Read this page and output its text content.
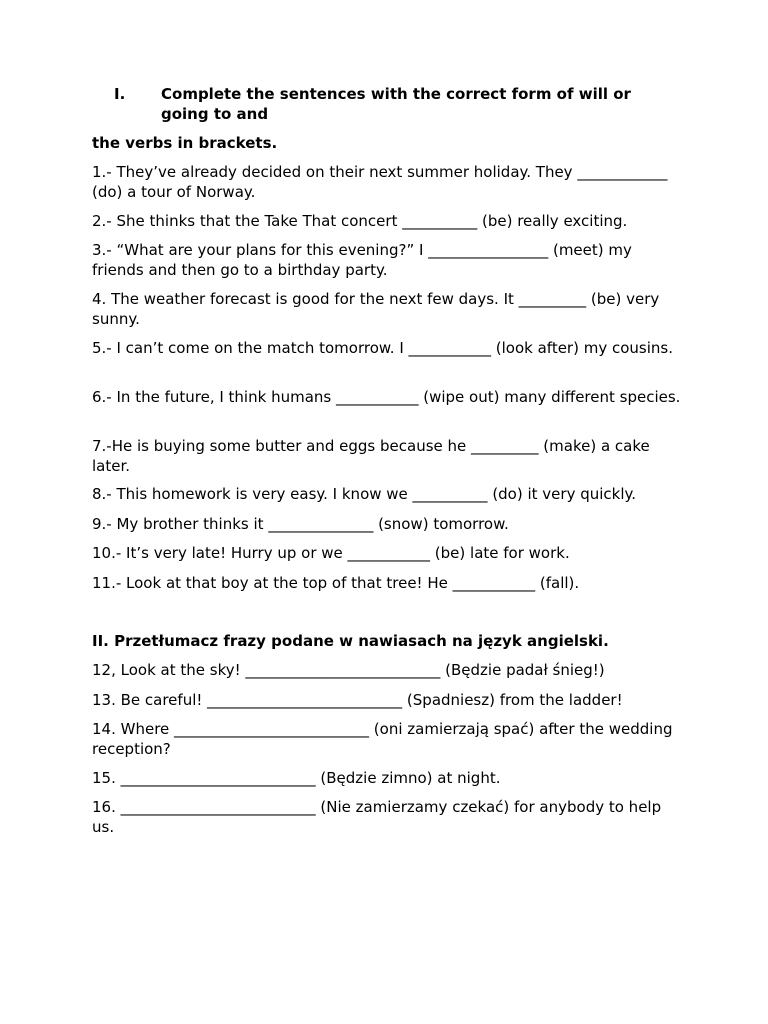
I. Complete the sentences with the correct form of will or going to and
the verbs in brackets.
1.- They’ve already decided on their next summer holiday. They ____________ (do) a tour of Norway.
2.- She thinks that the Take That concert __________ (be) really exciting.
3.- “What are your plans for this evening?” I ________________ (meet) my friends and then go to a birthday party.
4. The weather forecast is good for the next few days. It _________ (be) very sunny.
5.- I can’t come on the match tomorrow. I ___________ (look after) my cousins.
6.- In the future, I think humans ___________ (wipe out) many different species.
7.-He is buying some butter and eggs because he _________ (make) a cake later.
8.- This homework is very easy. I know we __________ (do) it very quickly.
9.- My brother thinks it ______________ (snow) tomorrow.
10.- It’s very late! Hurry up or we ___________ (be) late for work.
11.- Look at that boy at the top of that tree! He ___________ (fall).
II. Przetłumacz frazy podane w nawiasach na język angielski.
12, Look at the sky! __________________________ (Będzie padał śnieg!)
13. Be careful! __________________________ (Spadniesz) from the ladder!
14. Where __________________________ (oni zamierzają spać) after the wedding reception?
15. __________________________ (Będzie zimno) at night.
16. __________________________ (Nie zamierzamy czekać) for anybody to help us.
